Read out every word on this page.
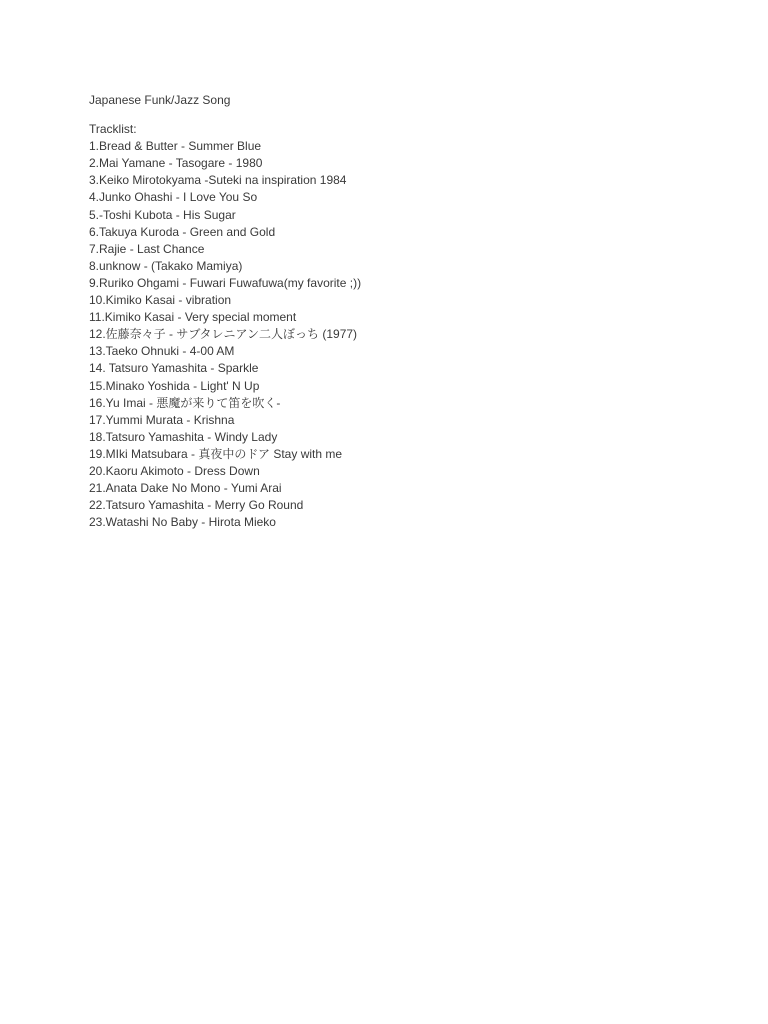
Japanese Funk/Jazz Song
Tracklist:
1.Bread & Butter - Summer Blue
2.Mai Yamane - Tasogare - 1980
3.Keiko Mirotokyama -Suteki na inspiration 1984
4.Junko Ohashi - I Love You So
5.-Toshi Kubota - His Sugar
6.Takuya Kuroda - Green and Gold
7.Rajie - Last Chance
8.unknow - (Takako Mamiya)
9.Ruriko Ohgami - Fuwari Fuwafuwa(my favorite ;))
10.Kimiko Kasai - vibration
11.Kimiko Kasai - Very special moment
12.佐藤奈々子 - サブタレニアン二人ぼっち (1977)
13.Taeko Ohnuki - 4-00 AM
14. Tatsuro Yamashita - Sparkle
15.Minako Yoshida - Light' N Up
16.Yu Imai - 悪魔が来りて笛を吹く-
17.Yummi Murata - Krishna
18.Tatsuro Yamashita - Windy Lady
19.MIki Matsubara - 真夜中のドア Stay with me
20.Kaoru Akimoto - Dress Down
21.Anata Dake No Mono - Yumi Arai
22.Tatsuro Yamashita - Merry Go Round
23.Watashi No Baby - Hirota Mieko
